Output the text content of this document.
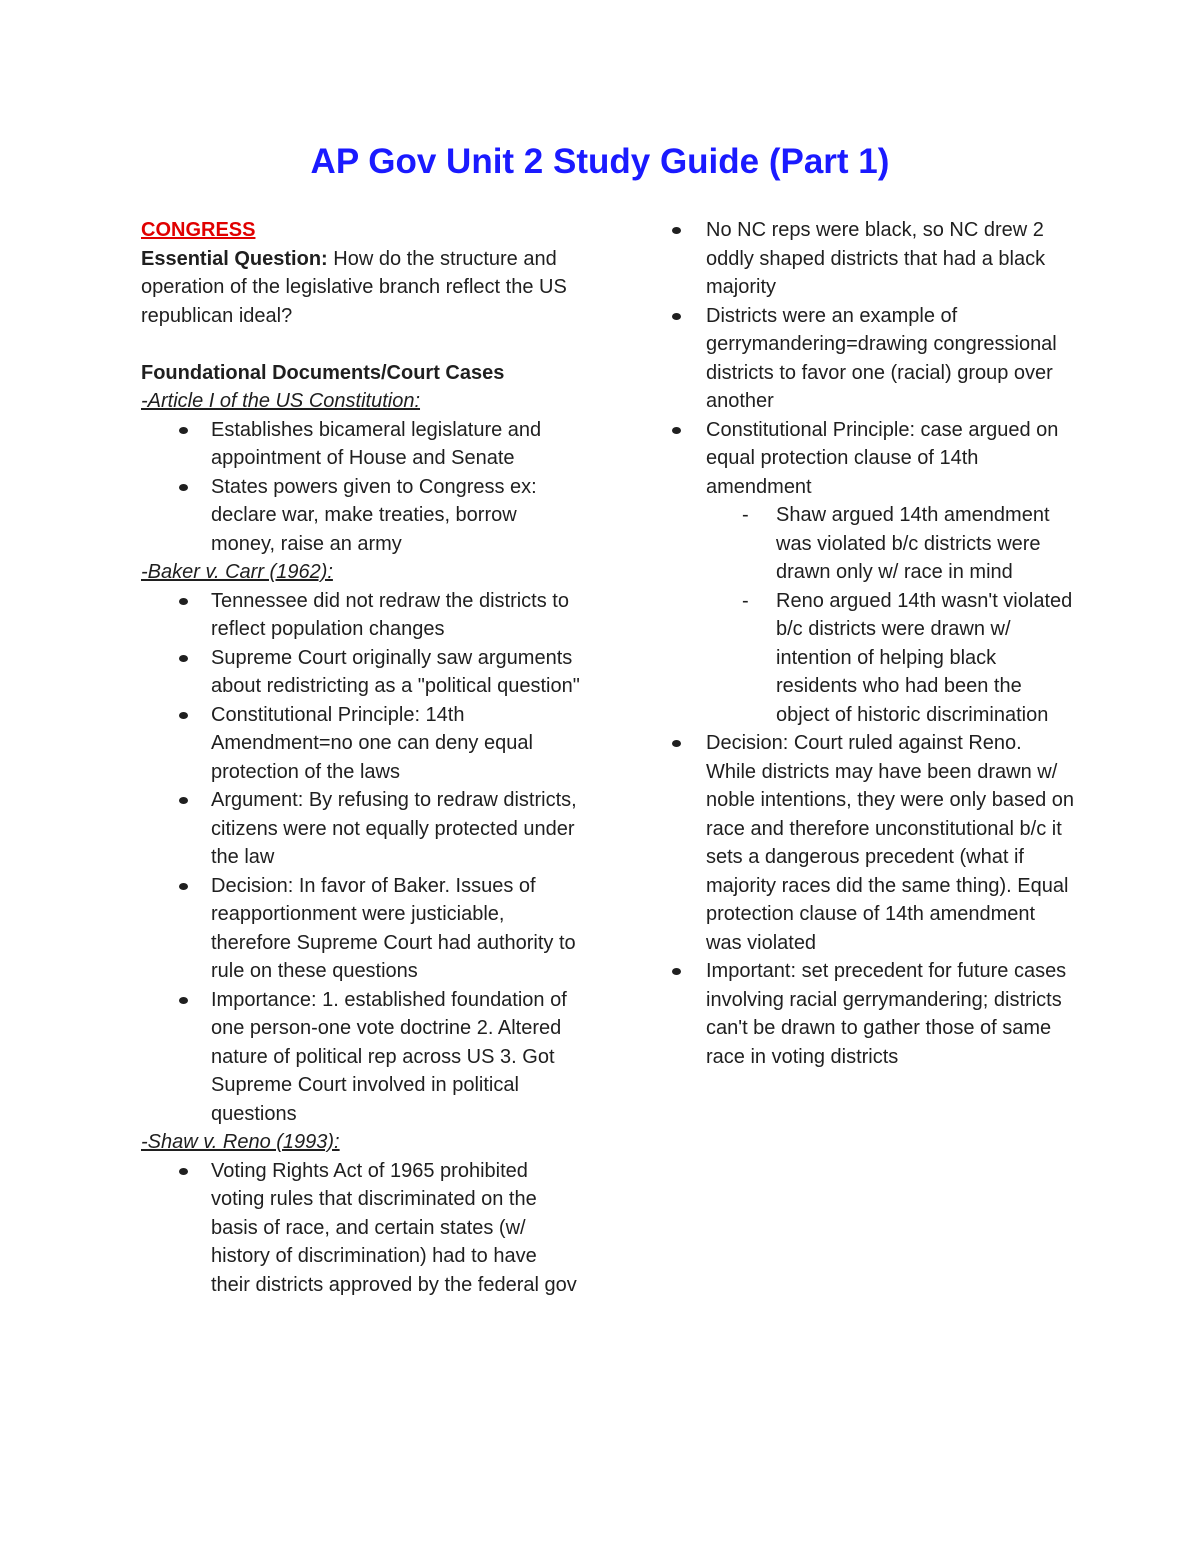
AP Gov Unit 2 Study Guide (Part 1)

CONGRESS

Essential Question: How do the structure and operation of the legislative branch reflect the US republican ideal?

Foundational Documents/Court Cases

-Article I of the US Constitution:

Establishes bicameral legislature and appointment of House and Senate
States powers given to Congress ex: declare war, make treaties, borrow money, raise an army

-Baker v. Carr (1962):

Tennessee did not redraw the districts to reflect population changes
Supreme Court originally saw arguments about redistricting as a "political question"
Constitutional Principle: 14th Amendment=no one can deny equal protection of the laws
Argument: By refusing to redraw districts, citizens were not equally protected under the law
Decision: In favor of Baker. Issues of reapportionment were justiciable, therefore Supreme Court had authority to rule on these questions
Importance: 1. established foundation of one person-one vote doctrine 2. Altered nature of political rep across US 3. Got Supreme Court involved in political questions

-Shaw v. Reno (1993):

Voting Rights Act of 1965 prohibited voting rules that discriminated on the basis of race, and certain states (w/ history of discrimination) had to have their districts approved by the federal gov
No NC reps were black, so NC drew 2 oddly shaped districts that had a black majority
Districts were an example of gerrymandering=drawing congressional districts to favor one (racial) group over another
Constitutional Principle: case argued on equal protection clause of 14th amendment
- Shaw argued 14th amendment was violated b/c districts were drawn only w/ race in mind
- Reno argued 14th wasn't violated b/c districts were drawn w/ intention of helping black residents who had been the object of historic discrimination
Decision: Court ruled against Reno. While districts may have been drawn w/ noble intentions, they were only based on race and therefore unconstitutional b/c it sets a dangerous precedent (what if majority races did the same thing). Equal protection clause of 14th amendment was violated
Important: set precedent for future cases involving racial gerrymandering; districts can't be drawn to gather those of same race in voting districts
